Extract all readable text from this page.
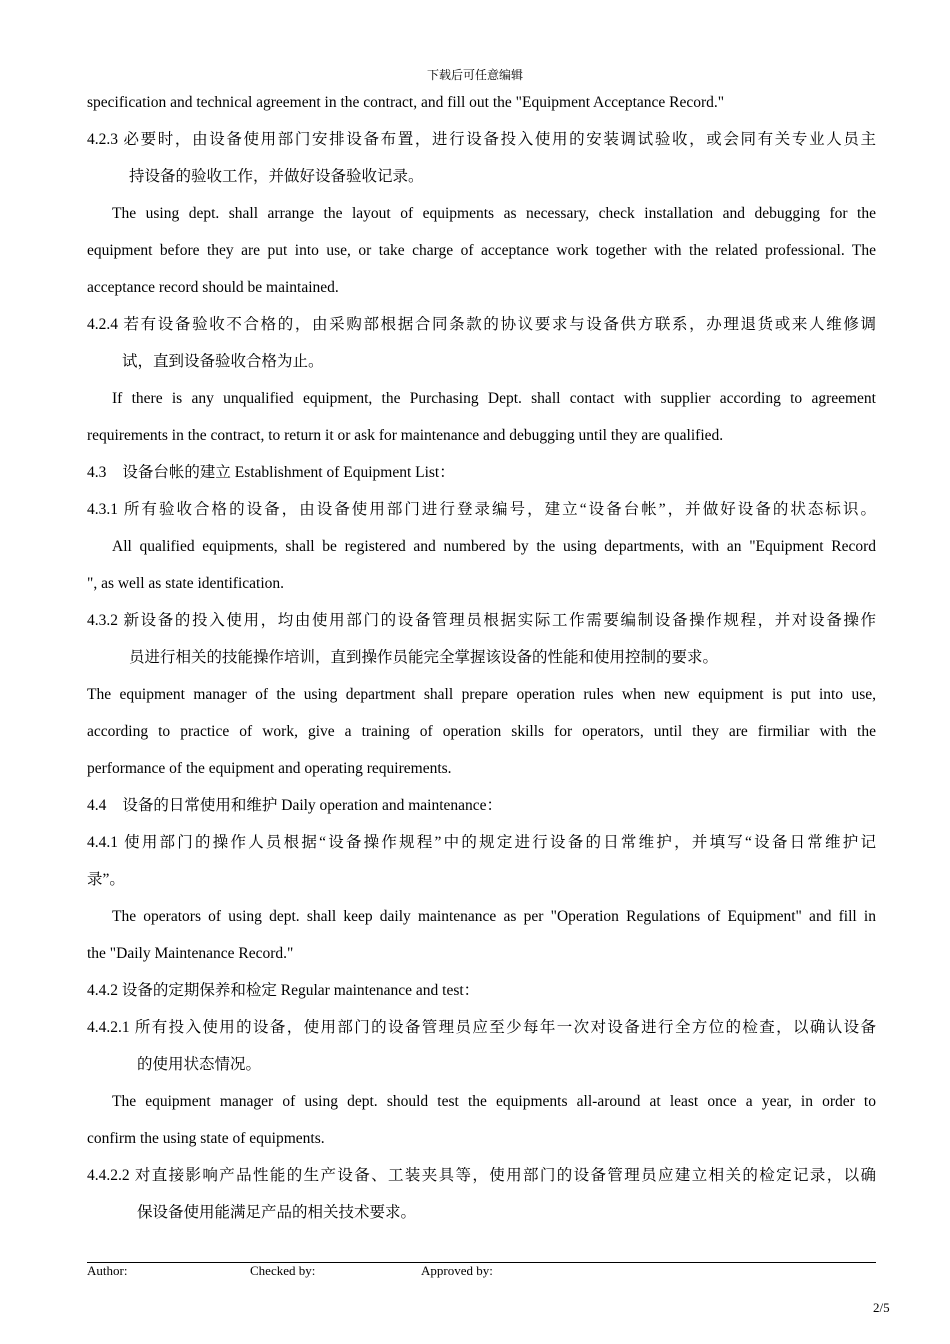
下载后可任意编辑
specification and technical agreement in the contract, and fill out the "Equipment Acceptance Record."
4.2.3 必要时，由设备使用部门安排设备布置，进行设备投入使用的安装调试验收，或会同有关专业人员主
持设备的验收工作，并做好设备验收记录。
The using dept. shall arrange the layout of equipments as necessary, check installation and debugging for the
equipment before they are put into use, or take charge of acceptance work together with the related professional. The
acceptance record should be maintained.
4.2.4 若有设备验收不合格的，由采购部根据合同条款的协议要求与设备供方联系，办理退货或来人维修调
试，直到设备验收合格为止。
If there is any unqualified equipment, the Purchasing Dept. shall contact with supplier according to agreement
requirements in the contract, to return it or ask for maintenance and debugging until they are qualified.
4.3 设备台帐的建立 Establishment of Equipment List：
4.3.1 所有验收合格的设备，由设备使用部门进行登录编号，建立“设备台帐”，并做好设备的状态标识。
All qualified equipments, shall be registered and numbered by the using departments, with an "Equipment Record
", as well as state identification.
4.3.2 新设备的投入使用，均由使用部门的设备管理员根据实际工作需要编制设备操作规程，并对设备操作
员进行相关的技能操作培训，直到操作员能完全掌握该设备的性能和使用控制的要求。
The equipment manager of the using department shall prepare operation rules when new equipment is put into use,
according to practice of work, give a training of operation skills for operators, until they are firmiliar with the
performance of the equipment and operating requirements.
4.4 设备的日常使用和维护 Daily operation and maintenance：
4.4.1 使用部门的操作人员根据“设备操作规程”中的规定进行设备的日常维护，并填写“设备日常维护记
录”。
The operators of using dept. shall keep daily maintenance as per "Operation Regulations of Equipment" and fill in
the "Daily Maintenance Record."
4.4.2 设备的定期保养和检定 Regular maintenance and test：
4.4.2.1 所有投入使用的设备，使用部门的设备管理员应至少每年一次对设备进行全方位的检查，以确认设备
的使用状态情况。
The equipment manager of using dept. should test the equipments all-around at least once a year, in order to
confirm the using state of equipments.
4.4.2.2 对直接影响产品性能的生产设备、工装夹具等，使用部门的设备管理员应建立相关的检定记录，以确
保设备使用能满足产品的相关技术要求。
Author:	Checked by:	Approved by:
2/5
